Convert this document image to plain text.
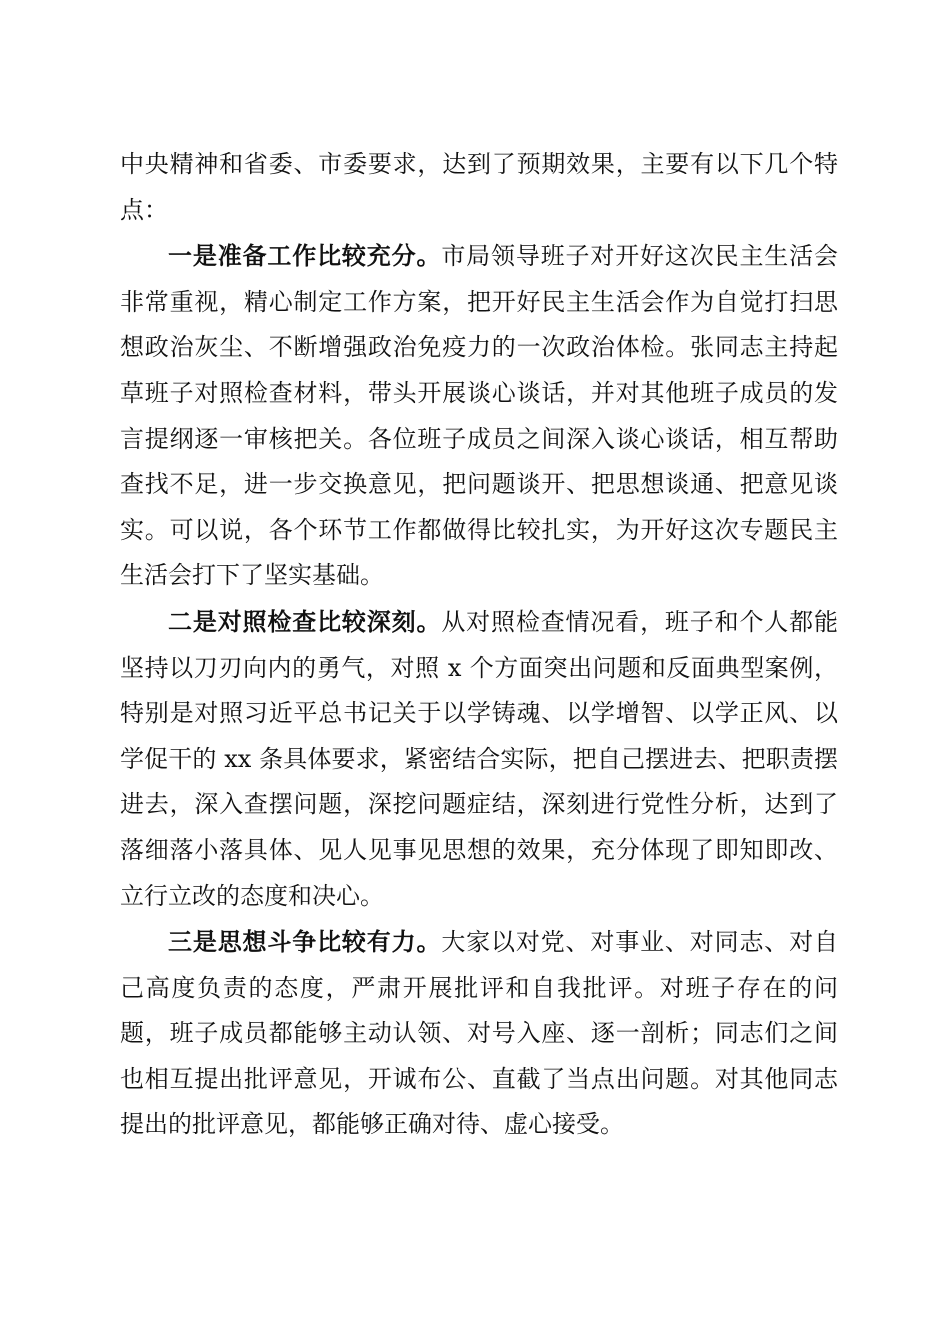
中央精神和省委、市委要求，达到了预期效果，主要有以下几个特点：

一是准备工作比较充分。市局领导班子对开好这次民主生活会非常重视，精心制定工作方案，把开好民主生活会作为自觉打扫思想政治灰尘、不断增强政治免疫力的一次政治体检。张同志主持起草班子对照检查材料，带头开展谈心谈话，并对其他班子成员的发言提纲逐一审核把关。各位班子成员之间深入谈心谈话，相互帮助查找不足，进一步交换意见，把问题谈开、把思想谈通、把意见谈实。可以说，各个环节工作都做得比较扎实，为开好这次专题民主生活会打下了坚实基础。

二是对照检查比较深刻。从对照检查情况看，班子和个人都能坚持以刀刃向内的勇气，对照 x 个方面突出问题和反面典型案例，特别是对照习近平总书记关于以学铸魂、以学增智、以学正风、以学促干的 xx 条具体要求，紧密结合实际，把自己摆进去、把职责摆进去，深入查摆问题，深挖问题症结，深刻进行党性分析，达到了落细落小落具体、见人见事见思想的效果，充分体现了即知即改、立行立改的态度和决心。

三是思想斗争比较有力。大家以对党、对事业、对同志、对自己高度负责的态度，严肃开展批评和自我批评。对班子存在的问题，班子成员都能够主动认领、对号入座、逐一剖析；同志们之间也相互提出批评意见，开诚布公、直截了当点出问题。对其他同志提出的批评意见，都能够正确对待、虚心接受。
